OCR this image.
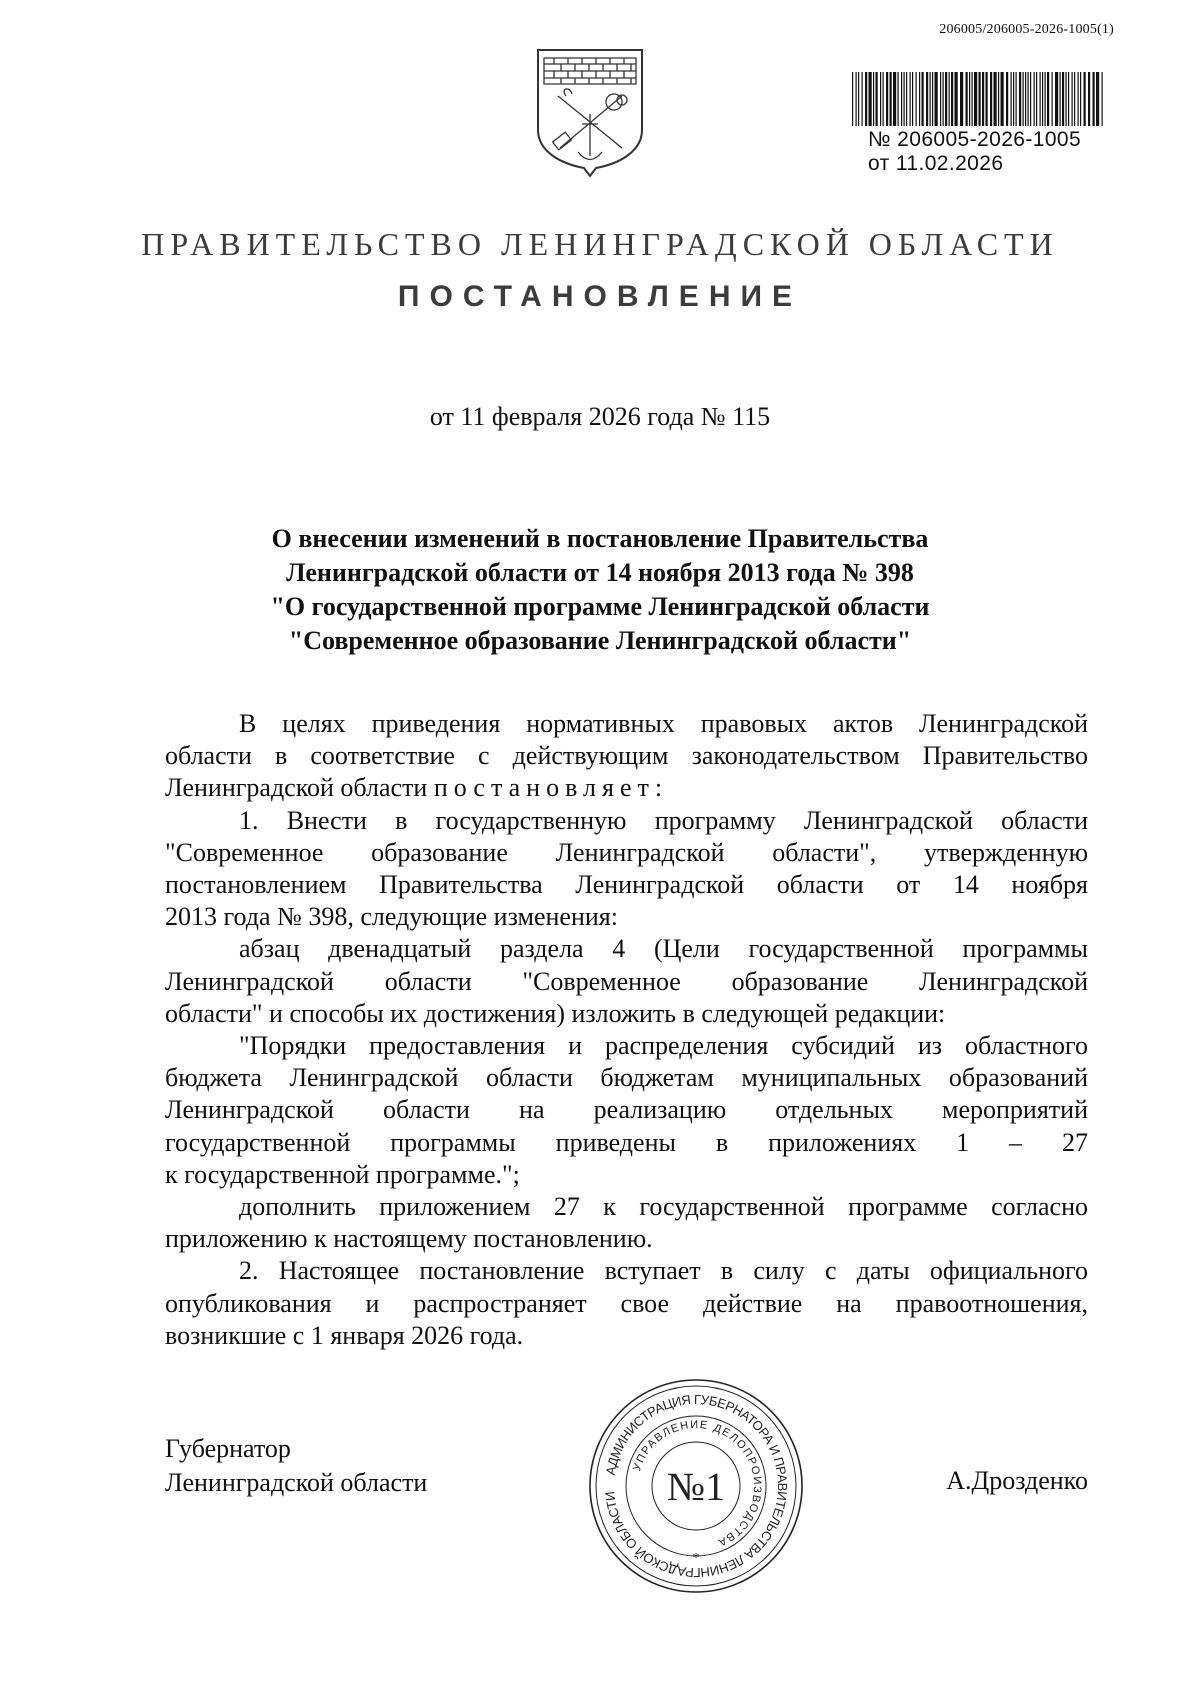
206005/206005-2026-1005(1)
№ 206005-2026-1005
от 11.02.2026
ПРАВИТЕЛЬСТВО ЛЕНИНГРАДСКОЙ ОБЛАСТИ
ПОСТАНОВЛЕНИЕ
от 11 февраля 2026 года № 115
О внесении изменений в постановление Правительства
Ленинградской области от 14 ноября 2013 года № 398
"О государственной программе Ленинградской области
"Современное образование Ленинградской области"
В целях приведения нормативных правовых актов Ленинградской
области в соответствие с действующим законодательством Правительство
Ленинградской области постановляет:
1. Внести в государственную программу Ленинградской области
"Современное образование Ленинградской области", утвержденную
постановлением Правительства Ленинградской области от 14 ноября
2013 года № 398, следующие изменения:
абзац двенадцатый раздела 4 (Цели государственной программы
Ленинградской области "Современное образование Ленинградской
области" и способы их достижения) изложить в следующей редакции:
"Порядки предоставления и распределения субсидий из областного
бюджета Ленинградской области бюджетам муниципальных образований
Ленинградской области на реализацию отдельных мероприятий
государственной программы приведены в приложениях 1 – 27
к государственной программе.";
дополнить приложением 27 к государственной программе согласно
приложению к настоящему постановлению.
2. Настоящее постановление вступает в силу с даты официального
опубликования и распространяет свое действие на правоотношения,
возникшие с 1 января 2026 года.
Губернатор
Ленинградской области	А.Дрозденко
АДМИНИСТРАЦИЯ ГУБЕРНАТОРА И ПРАВИТЕЛЬСТВА ЛЕНИНГРАДСКОЙ ОБЛАСТИ
УПРАВЛЕНИЕ ДЕЛОПРОИЗВОДСТВА
№1
*
